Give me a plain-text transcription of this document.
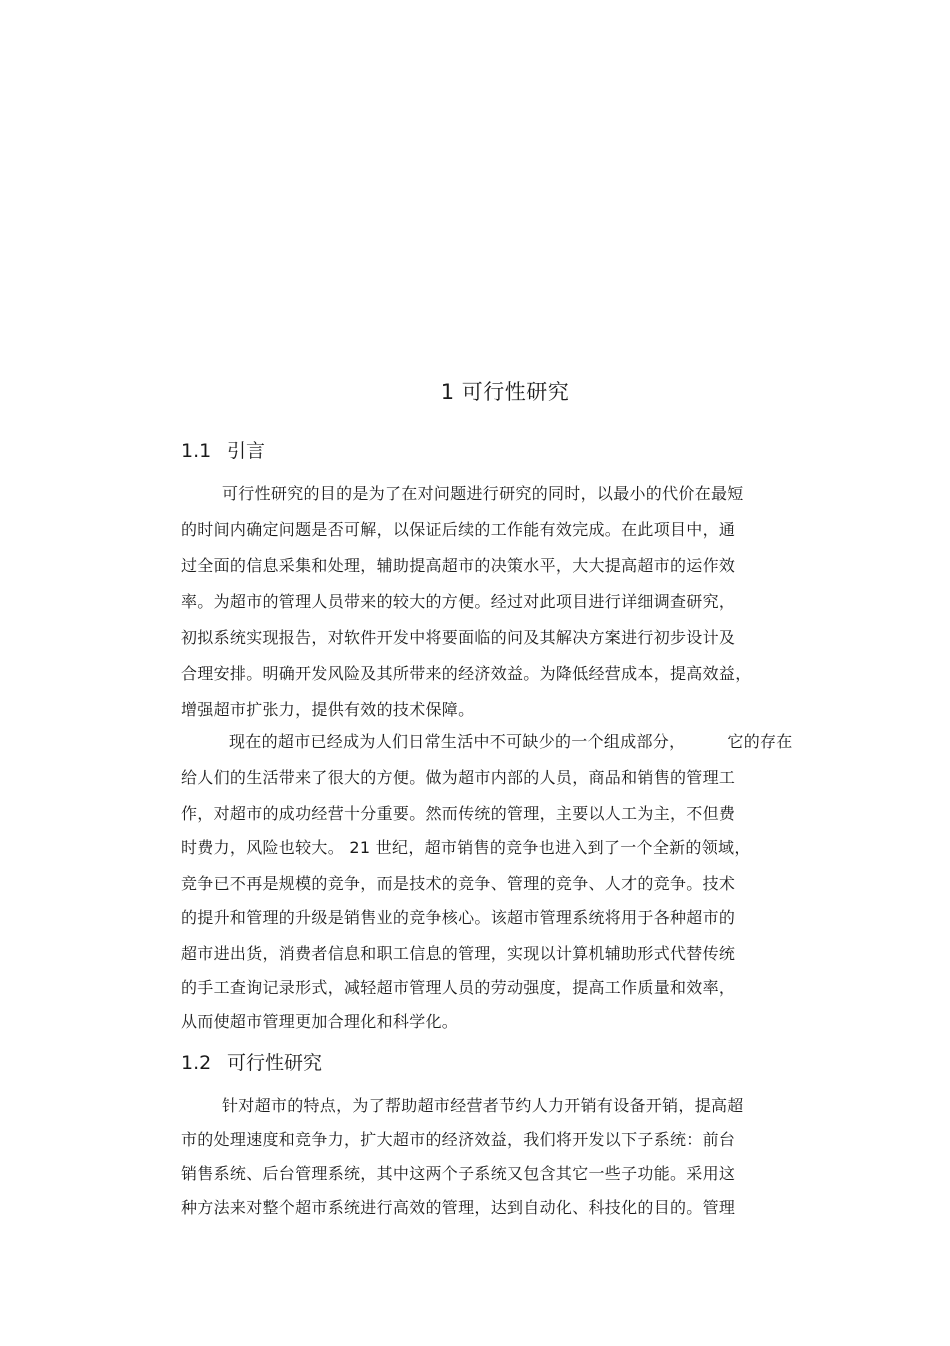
1 可行性研究
1.1 引言
可行性研究的目的是为了在对问题进行研究的同时，以最小的代价在最短
的时间内确定问题是否可解，以保证后续的工作能有效完成。在此项目中，通
过全面的信息采集和处理，辅助提高超市的决策水平，大大提高超市的运作效
率。为超市的管理人员带来的较大的方便。经过对此项目进行详细调查研究，
初拟系统实现报告，对软件开发中将要面临的问及其解决方案进行初步设计及
合理安排。明确开发风险及其所带来的经济效益。为降低经营成本，提高效益，
增强超市扩张力，提供有效的技术保障。
现在的超市已经成为人们日常生活中不可缺少的一个组成部分，	它的存在
给人们的生活带来了很大的方便。做为超市内部的人员，商品和销售的管理工
作，对超市的成功经营十分重要。然而传统的管理，主要以人工为主，不但费
时费力，风险也较大。 21 世纪，超市销售的竞争也进入到了一个全新的领域，
竞争已不再是规模的竞争，而是技术的竞争、管理的竞争、人才的竞争。技术
的提升和管理的升级是销售业的竞争核心。该超市管理系统将用于各种超市的
超市进出货，消费者信息和职工信息的管理，实现以计算机辅助形式代替传统
的手工查询记录形式，减轻超市管理人员的劳动强度，提高工作质量和效率，
从而使超市管理更加合理化和科学化。
1.2 可行性研究
针对超市的特点，为了帮助超市经营者节约人力开销有设备开销，提高超
市的处理速度和竞争力，扩大超市的经济效益，我们将开发以下子系统：前台
销售系统、后台管理系统，其中这两个子系统又包含其它一些子功能。采用这
种方法来对整个超市系统进行高效的管理，达到自动化、科技化的目的。管理
